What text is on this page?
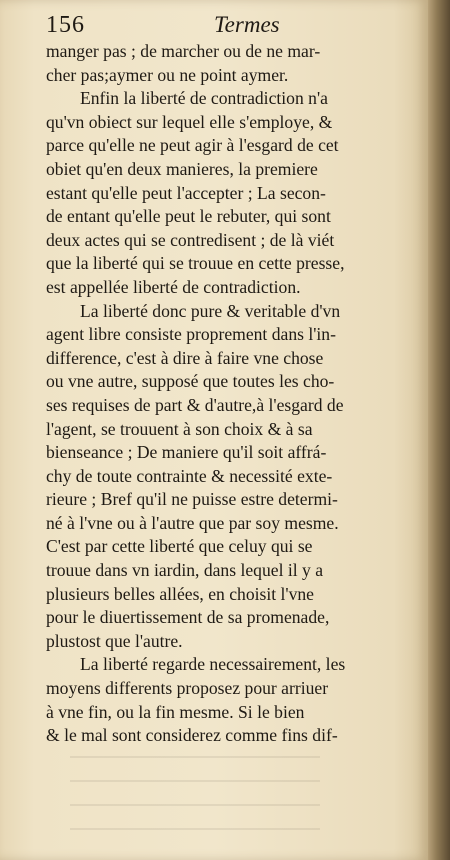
156	Termes
manger pas ; de marcher ou de ne mar-
cher pas;aymer ou ne point aymer.
Enfin la liberté de contradiction n'a
qu'vn obiect sur lequel elle s'employe, &
parce qu'elle ne peut agir à l'esgard de cet
obiet qu'en deux manieres, la premiere
estant qu'elle peut l'accepter ; La secon-
de entant qu'elle peut le rebuter, qui sont
deux actes qui se contredisent ; de là viét
que la liberté qui se trouue en cette presse,
est appellée liberté de contradiction.
La liberté donc pure & veritable d'vn
agent libre consiste proprement dans l'in-
difference, c'est à dire à faire vne chose
ou vne autre, supposé que toutes les cho-
ses requises de part & d'autre,à l'esgard de
l'agent, se trouuent à son choix & à sa
bienseance ; De maniere qu'il soit affrá-
chy de toute contrainte & necessité exte-
rieure ; Bref qu'il ne puisse estre determi-
né à l'vne ou à l'autre que par soy mesme.
C'est par cette liberté que celuy qui se
trouue dans vn iardin, dans lequel il y a
plusieurs belles allées, en choisit l'vne
pour le diuertissement de sa promenade,
plustost que l'autre.
La liberté regarde necessairement, les
moyens differents proposez pour arriuer
à vne fin, ou la fin mesme. Si le bien
& le mal sont considerez comme fins dif-
